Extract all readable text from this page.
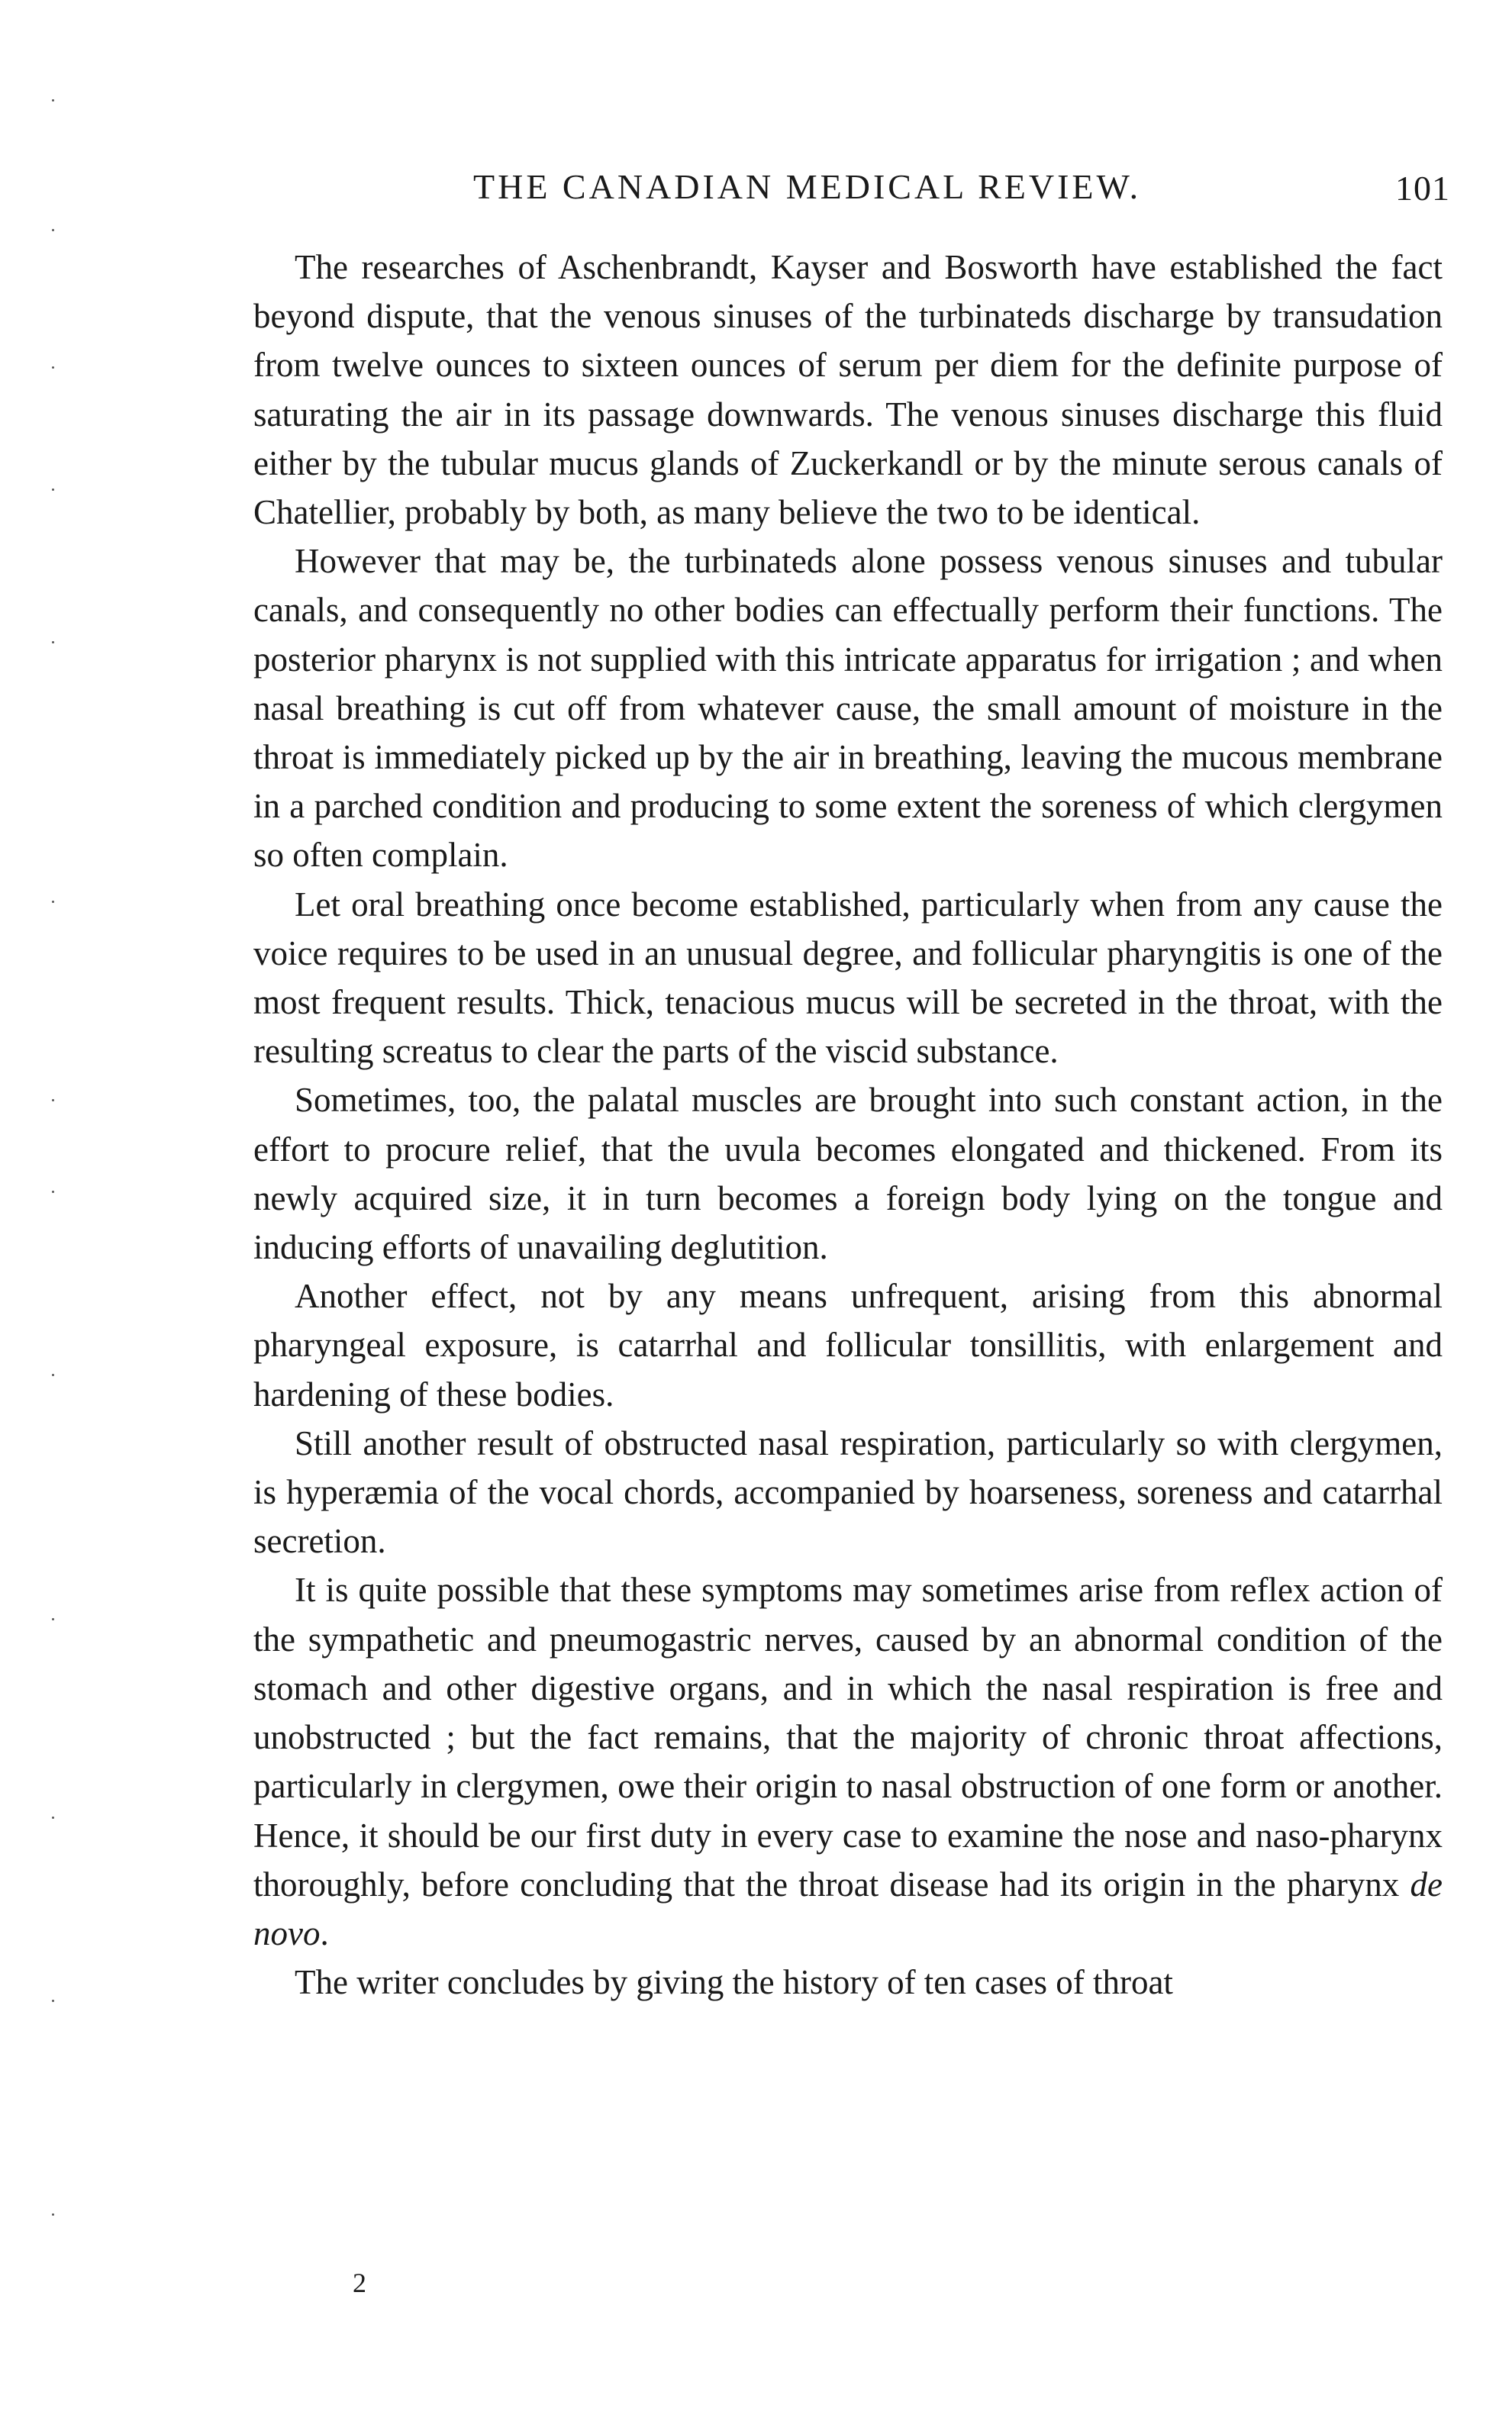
THE CANADIAN MEDICAL REVIEW.	101

The researches of Aschenbrandt, Kayser and Bosworth have established the fact beyond dispute, that the venous sinuses of the turbinateds discharge by transudation from twelve ounces to sixteen ounces of serum per diem for the definite purpose of saturating the air in its passage downwards. The venous sinuses discharge this fluid either by the tubular mucus glands of Zuckerkandl or by the minute serous canals of Chatellier, probably by both, as many believe the two to be identical.

However that may be, the turbinateds alone possess venous sinuses and tubular canals, and consequently no other bodies can effectually perform their functions. The posterior pharynx is not supplied with this intricate apparatus for irrigation ; and when nasal breathing is cut off from whatever cause, the small amount of moisture in the throat is immediately picked up by the air in breathing, leaving the mucous membrane in a parched condition and producing to some extent the soreness of which clergymen so often complain.

Let oral breathing once become established, particularly when from any cause the voice requires to be used in an unusual degree, and follicular pharyngitis is one of the most frequent results. Thick, tenacious mucus will be secreted in the throat, with the resulting screatus to clear the parts of the viscid substance.

Sometimes, too, the palatal muscles are brought into such constant action, in the effort to procure relief, that the uvula becomes elongated and thickened. From its newly acquired size, it in turn becomes a foreign body lying on the tongue and inducing efforts of unavailing deglutition.

Another effect, not by any means unfrequent, arising from this abnormal pharyngeal exposure, is catarrhal and follicular tonsillitis, with enlargement and hardening of these bodies.

Still another result of obstructed nasal respiration, particularly so with clergymen, is hyperæmia of the vocal chords, accompanied by hoarseness, soreness and catarrhal secretion.

It is quite possible that these symptoms may sometimes arise from reflex action of the sympathetic and pneumogastric nerves, caused by an abnormal condition of the stomach and other digestive organs, and in which the nasal respiration is free and unobstructed ; but the fact remains, that the majority of chronic throat affections, particularly in clergymen, owe their origin to nasal obstruction of one form or another. Hence, it should be our first duty in every case to examine the nose and naso-pharynx thoroughly, before concluding that the throat disease had its origin in the pharynx de novo.

The writer concludes by giving the history of ten cases of throat

2
